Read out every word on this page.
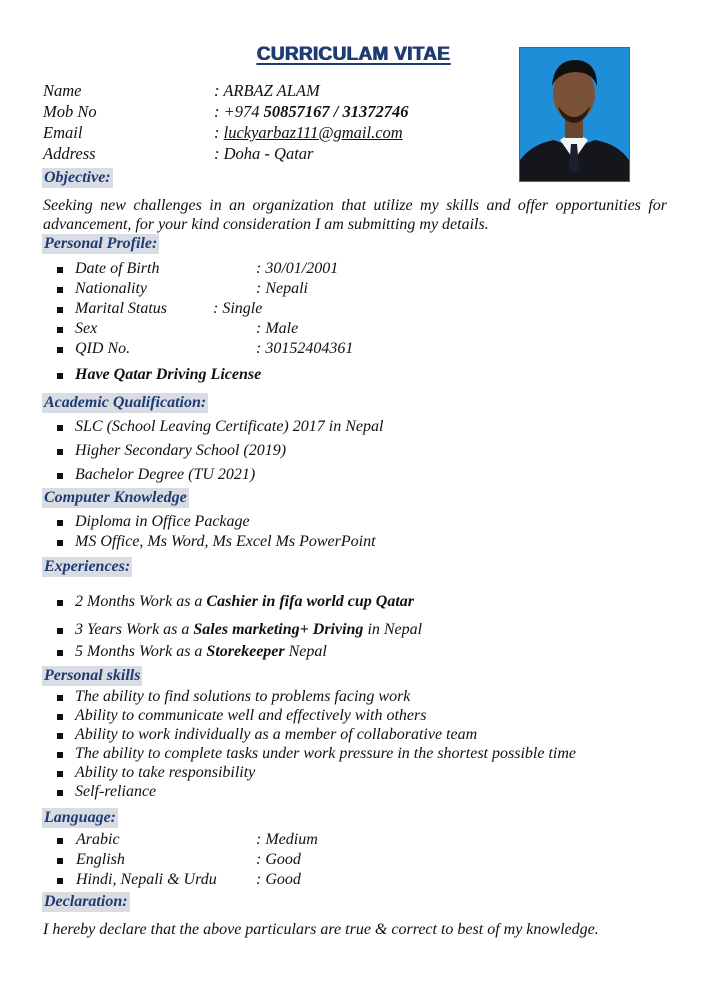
CURRICULAM VITAE
Name	: ARBAZ ALAM
Mob No	: +974 50857167 / 31372746
Email	: luckyarbaz111@gmail.com
Address	: Doha - Qatar
Objective:
Seeking new challenges in an organization that utilize my skills and offer opportunities for advancement, for your kind consideration I am submitting my details.
Personal Profile:
Date of Birth	: 30/01/2001
Nationality	: Nepali
Marital Status	: Single
Sex	: Male
QID No.	: 30152404361
Have Qatar Driving License
Academic Qualification:
SLC (School Leaving Certificate) 2017 in Nepal
Higher Secondary School (2019)
Bachelor Degree (TU 2021)
Computer Knowledge
Diploma in Office Package
MS Office, Ms Word, Ms Excel Ms PowerPoint
Experiences:
2 Months Work as a Cashier in fifa world cup Qatar
3 Years Work as a Sales marketing+ Driving in Nepal
5 Months Work as a Storekeeper Nepal
Personal skills
The ability to find solutions to problems facing work
Ability to communicate well and effectively with others
Ability to work individually as a member of collaborative team
The ability to complete tasks under work pressure in the shortest possible time
Ability to take responsibility
Self-reliance
Language:
Arabic	: Medium
English	: Good
Hindi, Nepali & Urdu : Good
Declaration:
I hereby declare that the above particulars are true & correct to best of my knowledge.
